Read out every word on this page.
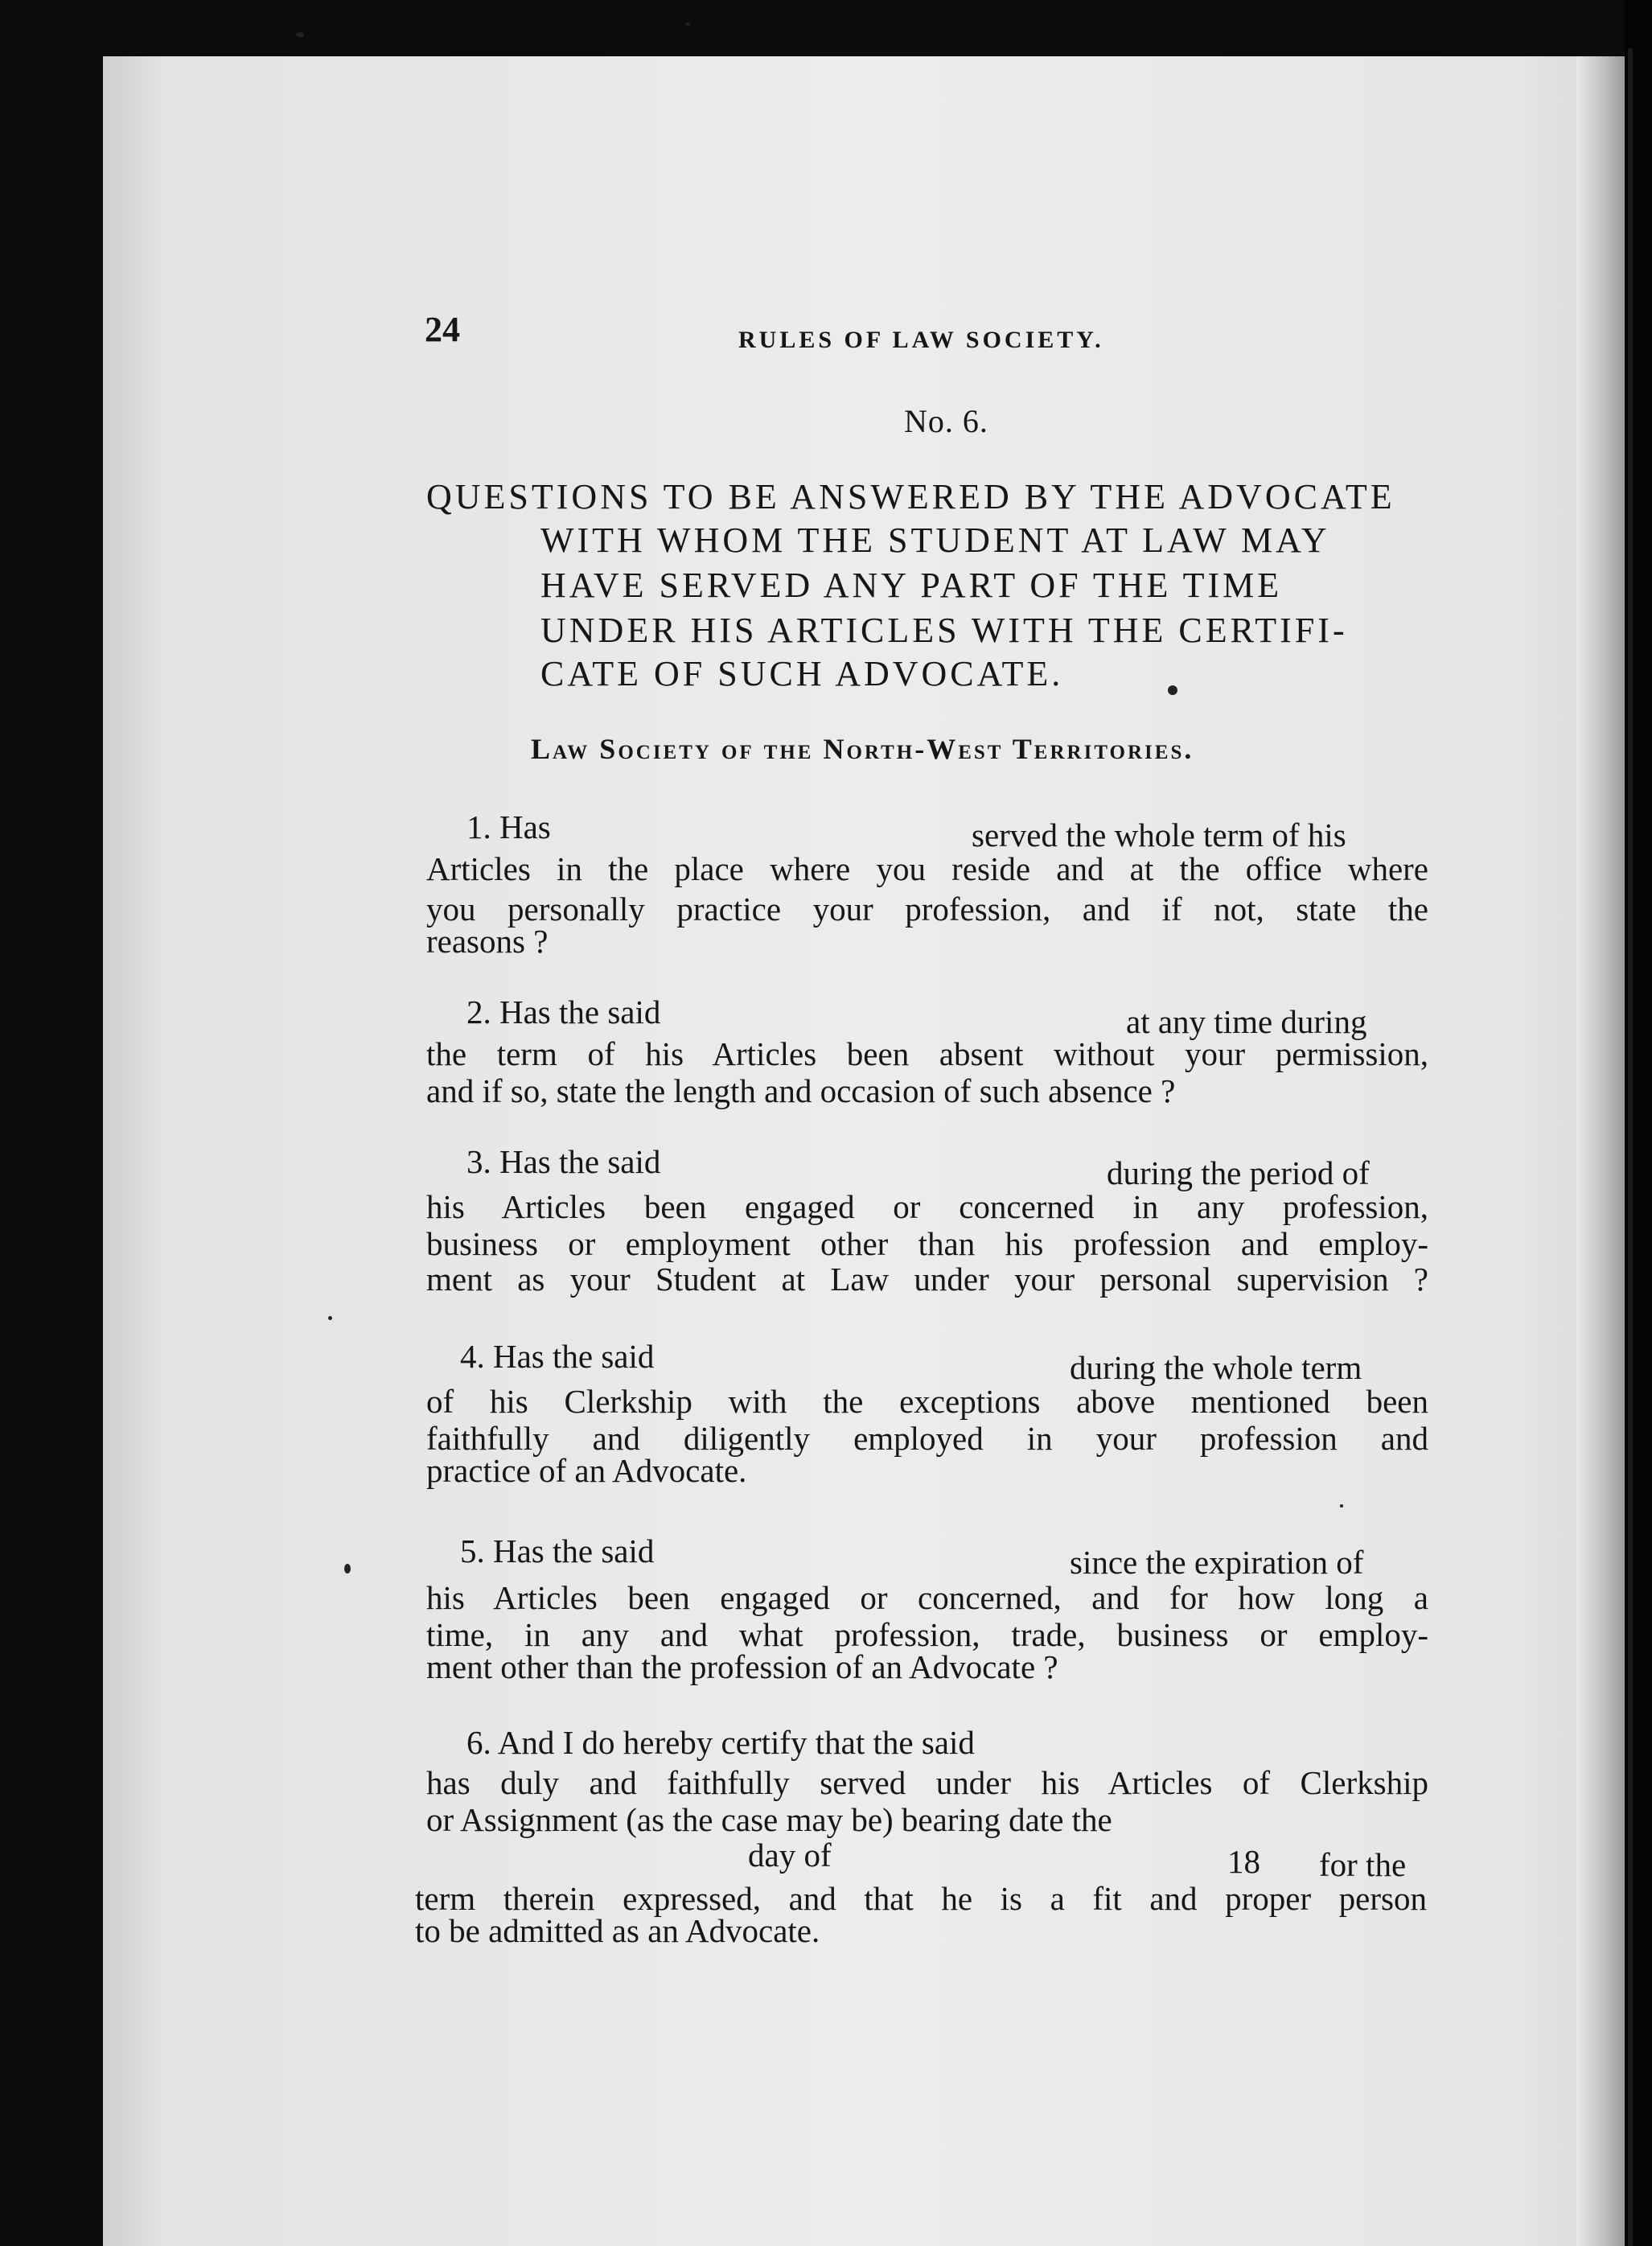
24	RULES OF LAW SOCIETY.
No. 6.
QUESTIONS TO BE ANSWERED BY THE ADVOCATE
WITH WHOM THE STUDENT AT LAW MAY
HAVE SERVED ANY PART OF THE TIME
UNDER HIS ARTICLES WITH THE CERTIFI-
CATE OF SUCH ADVOCATE.
Law Society of the North-West Territories.
1. Has	served the whole term of his
Articles in the place where you reside and at the office where
you personally practice your profession, and if not, state the
reasons ?
2. Has the said	at any time during
the term of his Articles been absent without your permission,
and if so, state the length and occasion of such absence ?
3. Has the said	during the period of
his Articles been engaged or concerned in any profession,
business or employment other than his profession and employ-
ment as your Student at Law under your personal supervision ?
4. Has the said	during the whole term
of his Clerkship with the exceptions above mentioned been
faithfully and diligently employed in your profession and
practice of an Advocate.
5. Has the said	since the expiration of
his Articles been engaged or concerned, and for how long a
time, in any and what profession, trade, business or employ-
ment other than the profession of an Advocate ?
6. And I do hereby certify that the said
has duly and faithfully served under his Articles of Clerkship
or Assignment (as the case may be) bearing date the
day of	18 for the
term therein expressed, and that he is a fit and proper person
to be admitted as an Advocate.
